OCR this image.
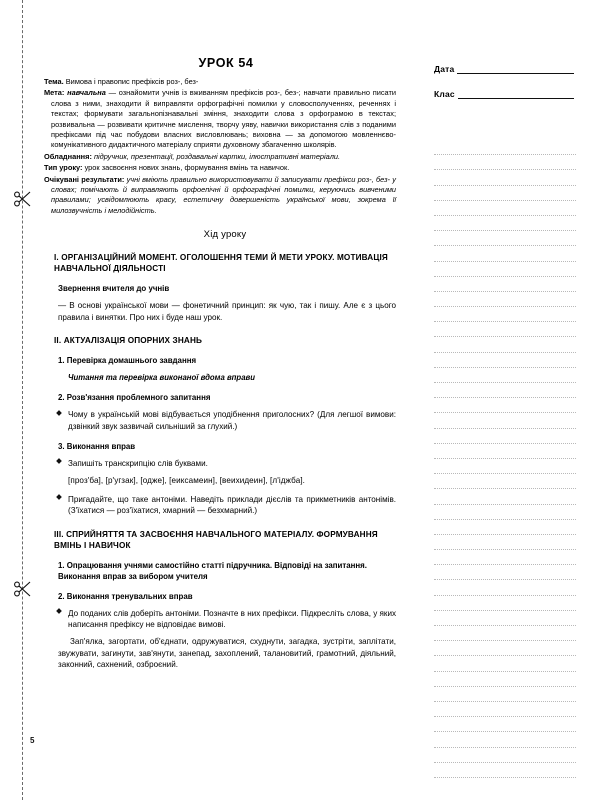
Дата
Клас
УРОК 54

Тема. Вимова і правопис префіксів роз-, без-

Мета: навчальна — ознайомити учнів із вживанням префіксів роз-, без-; навчати правильно писати слова з ними, знаходити й виправляти орфографічні помилки у словосполученнях, реченнях і текстах; формувати загальнопізнавальні зміння, знаходити слова з орфограмою в текстах; розвивальна — розвивати критичне мислення, творчу уяву, навички використання слів з поданими префіксами під час побудови власних висловлювань; виховна — за допомогою мовленнєво-комунікативного дидактичного матеріалу сприяти духовному збагаченню школярів.

Обладнання: підручник, презентації, роздавальні картки, ілюстративні матеріали.

Тип уроку: урок засвоєння нових знань, формування вмінь та навичок.

Очікувані результати: учні вміють правильно використовувати й записувати префікси роз-, без- у словах; помічають й виправляють орфоепічні й орфографічні помилки, керуючись вивченими правилами; усвідомлюють красу, естетичну довершеність української мови, зокрема її милозвучність і мелодійність.

Хід уроку
I. ОРГАНІЗАЦІЙНИЙ МОМЕНТ. ОГОЛОШЕННЯ ТЕМИ Й МЕТИ УРОКУ. МОТИВАЦІЯ НАВЧАЛЬНОЇ ДІЯЛЬНОСТІ
Звернення вчителя до учнів

— В основі української мови — фонетичний принцип: як чую, так і пишу. Але є з цього правила і винятки. Про них і буде наш урок.

II. АКТУАЛІЗАЦІЯ ОПОРНИХ ЗНАНЬ
1. Перевірка домашнього завдання
Читання та перевірка виконаної вдома вправи
2. Розв'язання проблемного запитання
Чому в українській мові відбувається уподібнення приголосних? (Для легшої вимови: дзвінкий звук зазвичай сильніший за глухий.)
3. Виконання вправ
Запишіть транскрипцію слів буквами.
[проз'ба], [р'угзак], [одже], [еиксамеин], [веихидеин], [л'іджба].
Пригадайте, що таке антоніми. Наведіть приклади дієслів та прикметників антонімів. (З'їхатися — роз'їхатися, хмарний — безхмарний.)
III. СПРИЙНЯТТЯ ТА ЗАСВОЄННЯ НАВЧАЛЬНОГО МАТЕРІАЛУ. ФОРМУВАННЯ ВМІНЬ І НАВИЧОК
1. Опрацювання учнями самостійно статті підручника. Відповіді на запитання. Виконання вправ за вибором учителя
2. Виконання тренувальних вправ
До поданих слів доберіть антоніми. Позначте в них префікси. Підкресліть слова, у яких написання префіксу не відповідає вимові.
Зап'ялка, загортати, об'єднати, одружуватися, схуднути, загадка, зустріти, заплітати, звужувати, загинути, зав'янути, занепад, захоплений, талановитий, грамотний, діяльний, законний, сахнений, озброєний.
5
